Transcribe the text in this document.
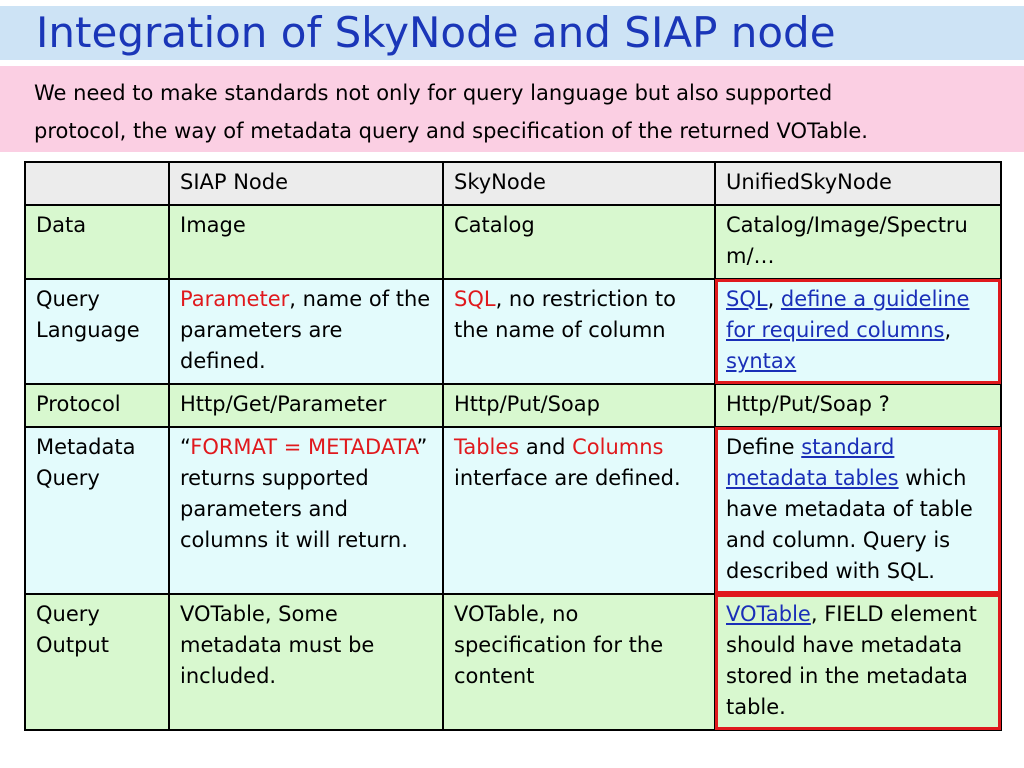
Integration of SkyNode and SIAP node

We need to make standards not only for query language but also supported
protocol, the way of metadata query and specification of the returned VOTable.

	SIAP Node	SkyNode	UnifiedSkyNode
Data	Image	Catalog	Catalog/Image/Spectrum/…
Query Language	Parameter, name of the parameters are defined.	SQL, no restriction to the name of column	SQL, define a guideline for required columns, syntax
Protocol	Http/Get/Parameter	Http/Put/Soap	Http/Put/Soap ?
Metadata Query	“FORMAT = METADATA” returns supported parameters and columns it will return.	Tables and Columns interface are defined.	Define standard metadata tables which have metadata of table and column. Query is described with SQL.
Query Output	VOTable, Some metadata must be included.	VOTable, no specification for the content	VOTable, FIELD element should have metadata stored in the metadata table.
